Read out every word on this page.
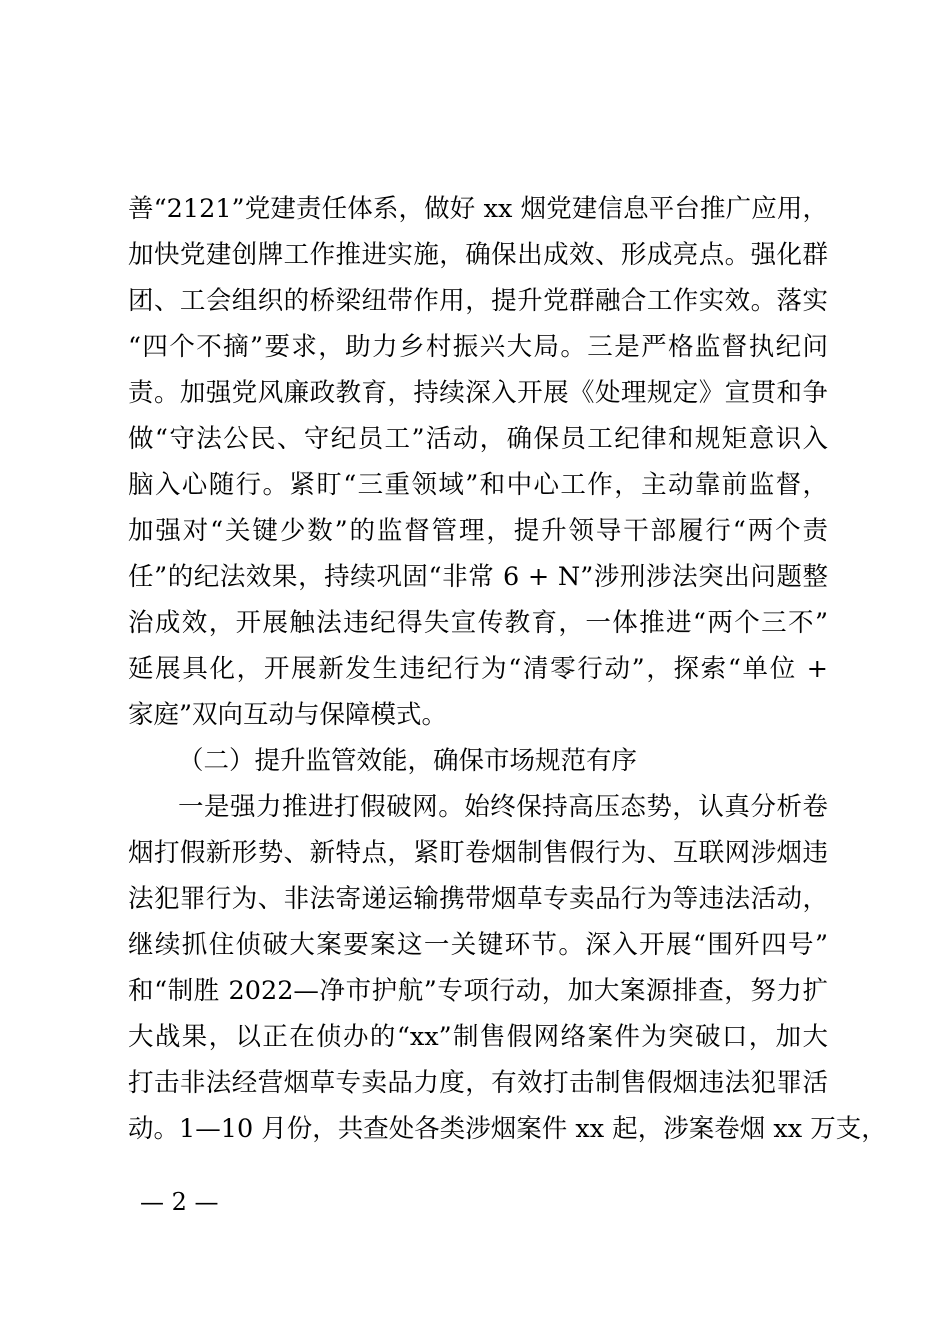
善“2121”党建责任体系，做好 xx 烟党建信息平台推广应用，
加快党建创牌工作推进实施，确保出成效、形成亮点。强化群
团、工会组织的桥梁纽带作用，提升党群融合工作实效。落实
“四个不摘”要求，助力乡村振兴大局。三是严格监督执纪问
责。加强党风廉政教育，持续深入开展《处理规定》宣贯和争
做“守法公民、守纪员工”活动，确保员工纪律和规矩意识入
脑入心随行。紧盯“三重领域”和中心工作，主动靠前监督，
加强对“关键少数”的监督管理，提升领导干部履行“两个责
任”的纪法效果，持续巩固“非常 6 + N”涉刑涉法突出问题整
治成效，开展触法违纪得失宣传教育，一体推进“两个三不”
延展具化，开展新发生违纪行为“清零行动”，探索“单位 +
家庭”双向互动与保障模式。
（二）提升监管效能，确保市场规范有序
一是强力推进打假破网。始终保持高压态势，认真分析卷
烟打假新形势、新特点，紧盯卷烟制售假行为、互联网涉烟违
法犯罪行为、非法寄递运输携带烟草专卖品行为等违法活动，
继续抓住侦破大案要案这一关键环节。深入开展“围歼四号”
和“制胜 2022—净市护航”专项行动，加大案源排查，努力扩
大战果，以正在侦办的“xx”制售假网络案件为突破口，加大
打击非法经营烟草专卖品力度，有效打击制售假烟违法犯罪活
动。1—10 月份，共查处各类涉烟案件 xx 起，涉案卷烟 xx 万支，
— 2 —
